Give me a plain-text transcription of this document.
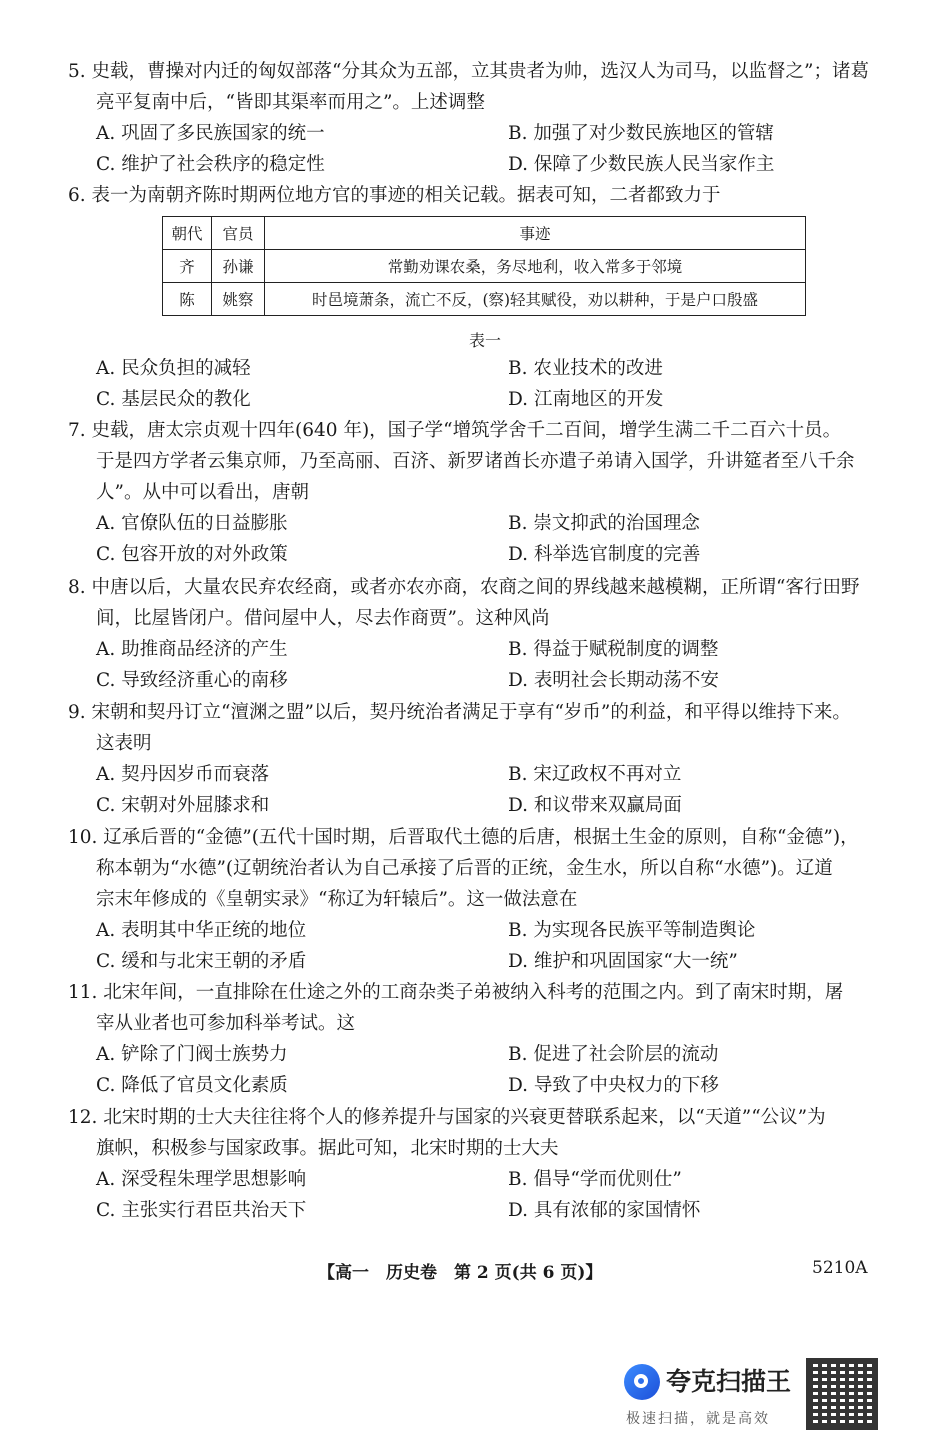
5. 史载，曹操对内迁的匈奴部落“分其众为五部，立其贵者为帅，选汉人为司马，以监督之”；诸葛

亮平复南中后，“皆即其渠率而用之”。上述调整

A. 巩固了多民族国家的统一	B. 加强了对少数民族地区的管辖
C. 维护了社会秩序的稳定性	D. 保障了少数民族人民当家作主

6. 表一为南朝齐陈时期两位地方官的事迹的相关记载。据表可知，二者都致力于

朝代	官员	事迹
齐	孙谦	常勤劝课农桑，务尽地利，收入常多于邻境
陈	姚察	时邑境萧条，流亡不反，(察)轻其赋役，劝以耕种，于是户口殷盛
表一
A. 民众负担的减轻	B. 农业技术的改进
C. 基层民众的教化	D. 江南地区的开发

7. 史载，唐太宗贞观十四年(640 年)，国子学“增筑学舍千二百间，增学生满二千二百六十员。

于是四方学者云集京师，乃至高丽、百济、新罗诸酋长亦遣子弟请入国学，升讲筵者至八千余

人”。从中可以看出，唐朝

A. 官僚队伍的日益膨胀	B. 崇文抑武的治国理念
C. 包容开放的对外政策	D. 科举选官制度的完善

8. 中唐以后，大量农民弃农经商，或者亦农亦商，农商之间的界线越来越模糊，正所谓“客行田野

间，比屋皆闭户。借问屋中人，尽去作商贾”。这种风尚

A. 助推商品经济的产生	B. 得益于赋税制度的调整
C. 导致经济重心的南移	D. 表明社会长期动荡不安

9. 宋朝和契丹订立“澶渊之盟”以后，契丹统治者满足于享有“岁币”的利益，和平得以维持下来。

这表明

A. 契丹因岁币而衰落	B. 宋辽政权不再对立
C. 宋朝对外屈膝求和	D. 和议带来双赢局面

10. 辽承后晋的“金德”(五代十国时期，后晋取代土德的后唐，根据土生金的原则，自称“金德”)，

称本朝为“水德”(辽朝统治者认为自己承接了后晋的正统，金生水，所以自称“水德”)。辽道

宗末年修成的《皇朝实录》“称辽为轩辕后”。这一做法意在

A. 表明其中华正统的地位	B. 为实现各民族平等制造舆论
C. 缓和与北宋王朝的矛盾	D. 维护和巩固国家“大一统”

11. 北宋年间，一直排除在仕途之外的工商杂类子弟被纳入科考的范围之内。到了南宋时期，屠

宰从业者也可参加科举考试。这

A. 铲除了门阀士族势力	B. 促进了社会阶层的流动
C. 降低了官员文化素质	D. 导致了中央权力的下移

12. 北宋时期的士大夫往往将个人的修养提升与国家的兴衰更替联系起来，以“天道”“公议”为

旗帜，积极参与国家政事。据此可知，北宋时期的士大夫

A. 深受程朱理学思想影响	B. 倡导“学而优则仕”
C. 主张实行君臣共治天下	D. 具有浓郁的家国情怀
【高一　历史卷　第 2 页(共 6 页)】	5210A
夸克扫描王
极速扫描，就是高效
